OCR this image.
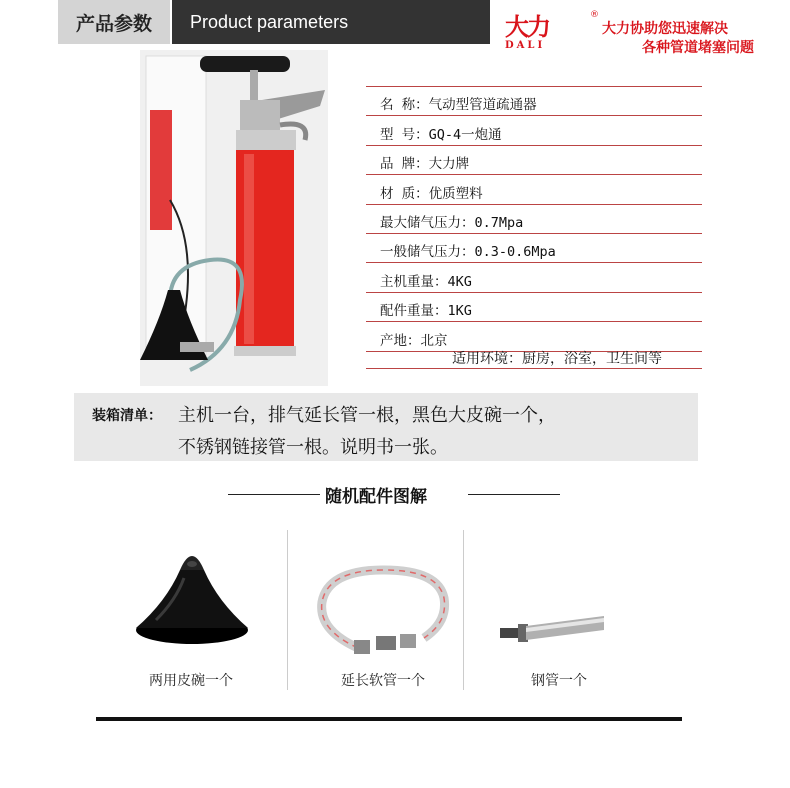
产品参数	Product parameters	大力
DALI
®
大力协助您迅速解决
各种管道堵塞问题
名 称：气动型管道疏通器
型 号：GQ-4一炮通
品 牌：大力牌
材 质：优质塑料
最大储气压力：0.7Mpa
一般储气压力：0.3-0.6Mpa
主机重量：4KG
配件重量：1KG
产地：北京
适用环境：厨房，浴室，卫生间等
装箱清单： 主机一台，排气延长管一根，黑色大皮碗一个，
不锈钢链接管一根。说明书一张。
随机配件图解
两用皮碗一个	延长软管一个	钢管一个
